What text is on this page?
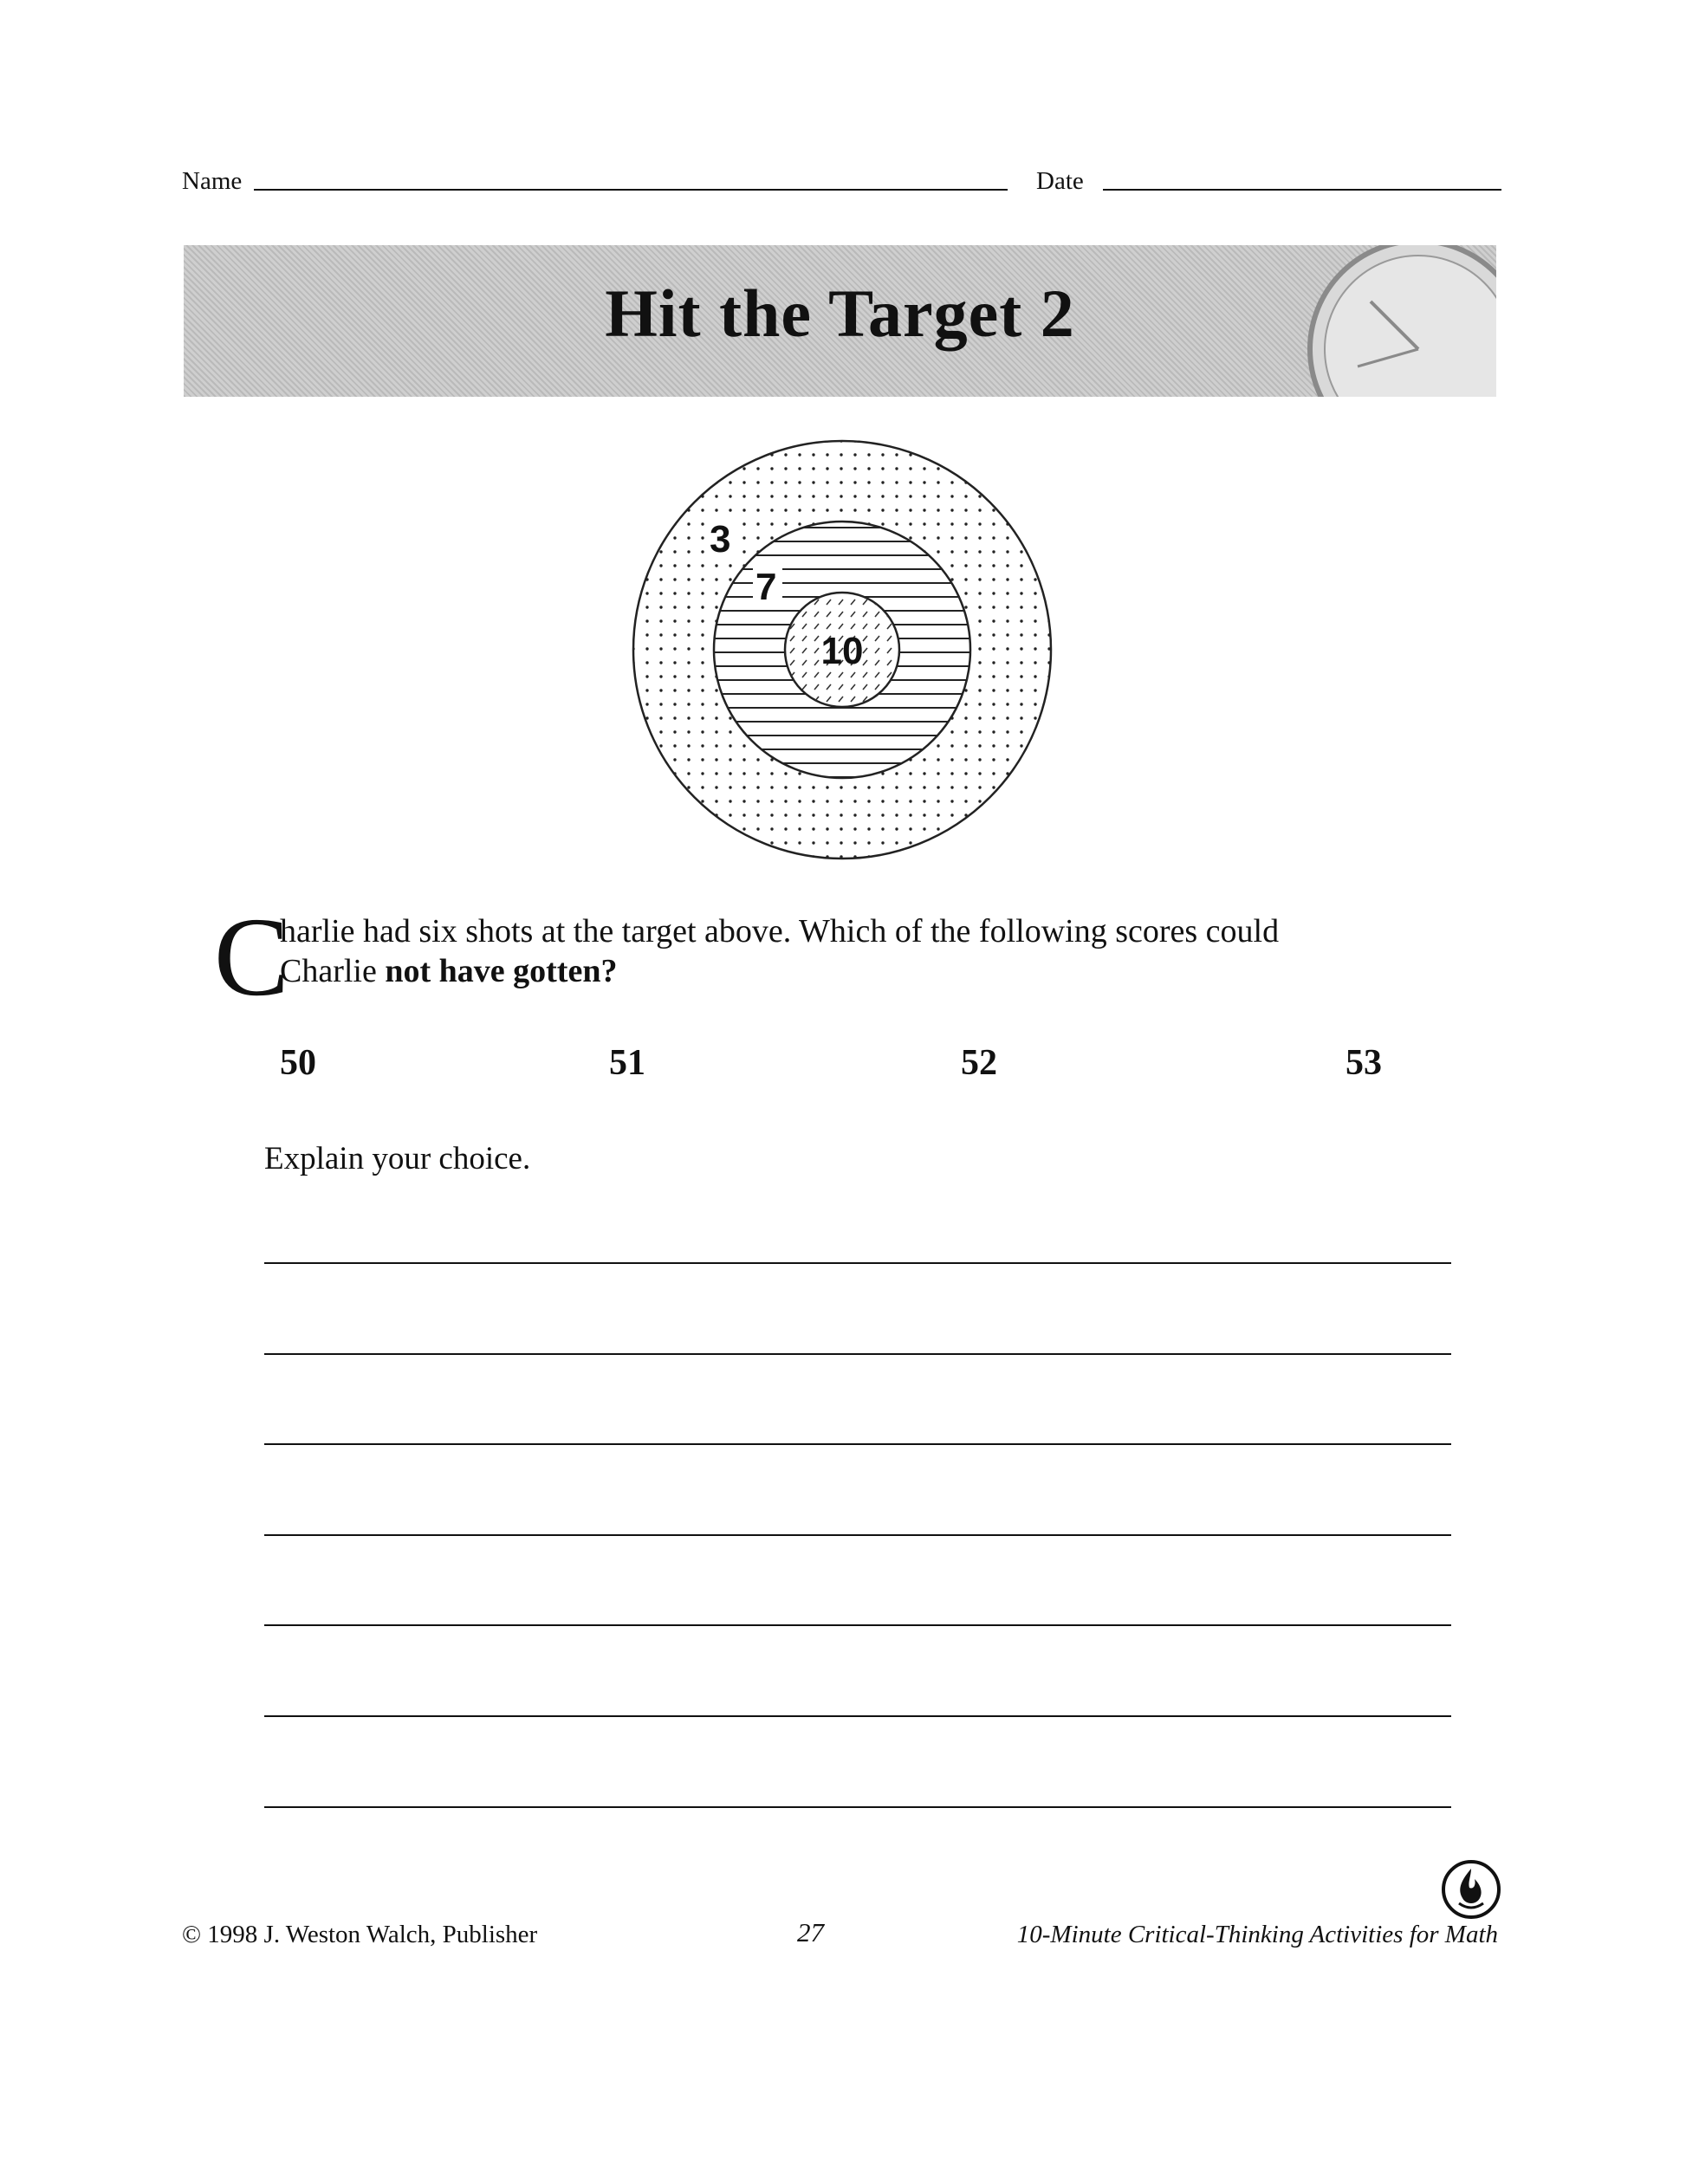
Name	Date
Hit the Target 2
3
7
10
C
harlie had six shots at the target above. Which of the following scores could
Charlie not have gotten?
50	51	52	53
Explain your choice.
© 1998 J. Weston Walch, Publisher	27	10-Minute Critical-Thinking Activities for Math
